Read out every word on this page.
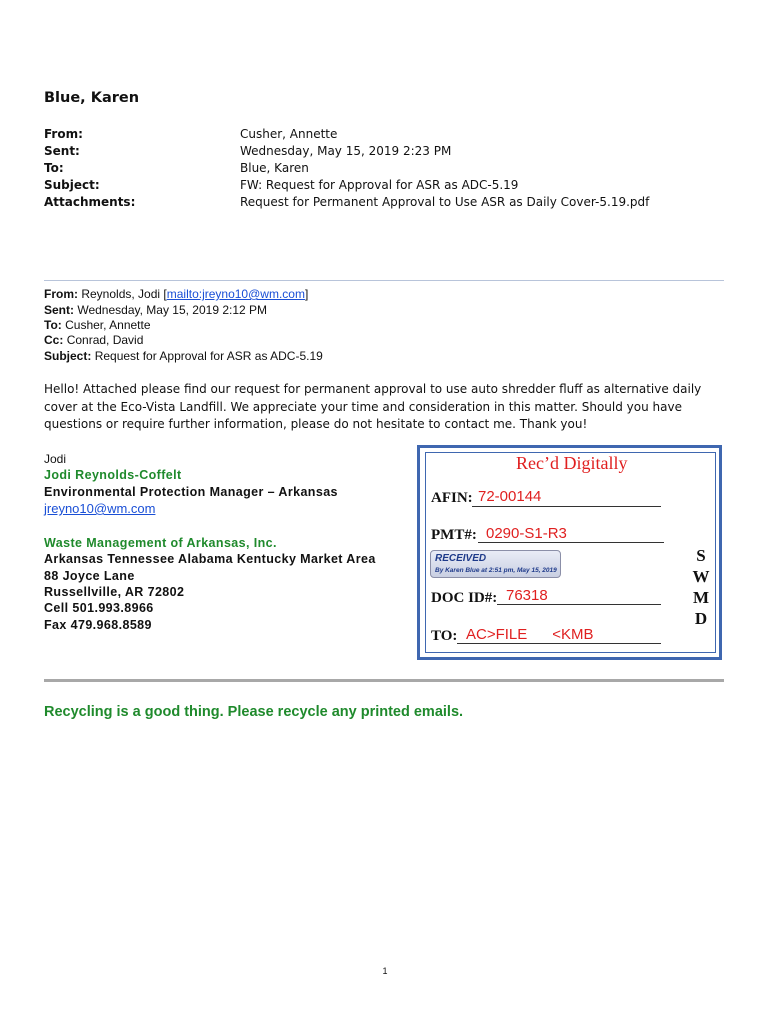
Blue, Karen
From:	Cusher, Annette
Sent:	Wednesday, May 15, 2019 2:23 PM
To:	Blue, Karen
Subject:	FW: Request for Approval for ASR as ADC-5.19
Attachments:	Request for Permanent Approval to Use ASR as Daily Cover-5.19.pdf
From: Reynolds, Jodi [mailto:jreyno10@wm.com]
Sent: Wednesday, May 15, 2019 2:12 PM
To: Cusher, Annette
Cc: Conrad, David
Subject: Request for Approval for ASR as ADC-5.19
Hello! Attached please find our request for permanent approval to use auto shredder fluff as alternative daily cover at the Eco-Vista Landfill. We appreciate your time and consideration in this matter. Should you have questions or require further information, please do not hesitate to contact me. Thank you!
Jodi
Jodi Reynolds-Coffelt
Environmental Protection Manager – Arkansas
jreyno10@wm.com
Waste Management of Arkansas, Inc.
Arkansas Tennessee Alabama Kentucky Market Area
88 Joyce Lane
Russellville, AR 72802
Cell 501.993.8966
Fax 479.968.8589
Rec’d Digitally
AFIN: 72-00144
PMT#: 0290-S1-R3
RECEIVED
By Karen Blue at 2:51 pm, May 15, 2019
DOC ID#: 76318
TO: AC>FILE      <KMB
S
W
M
D
Recycling is a good thing. Please recycle any printed emails.
1
